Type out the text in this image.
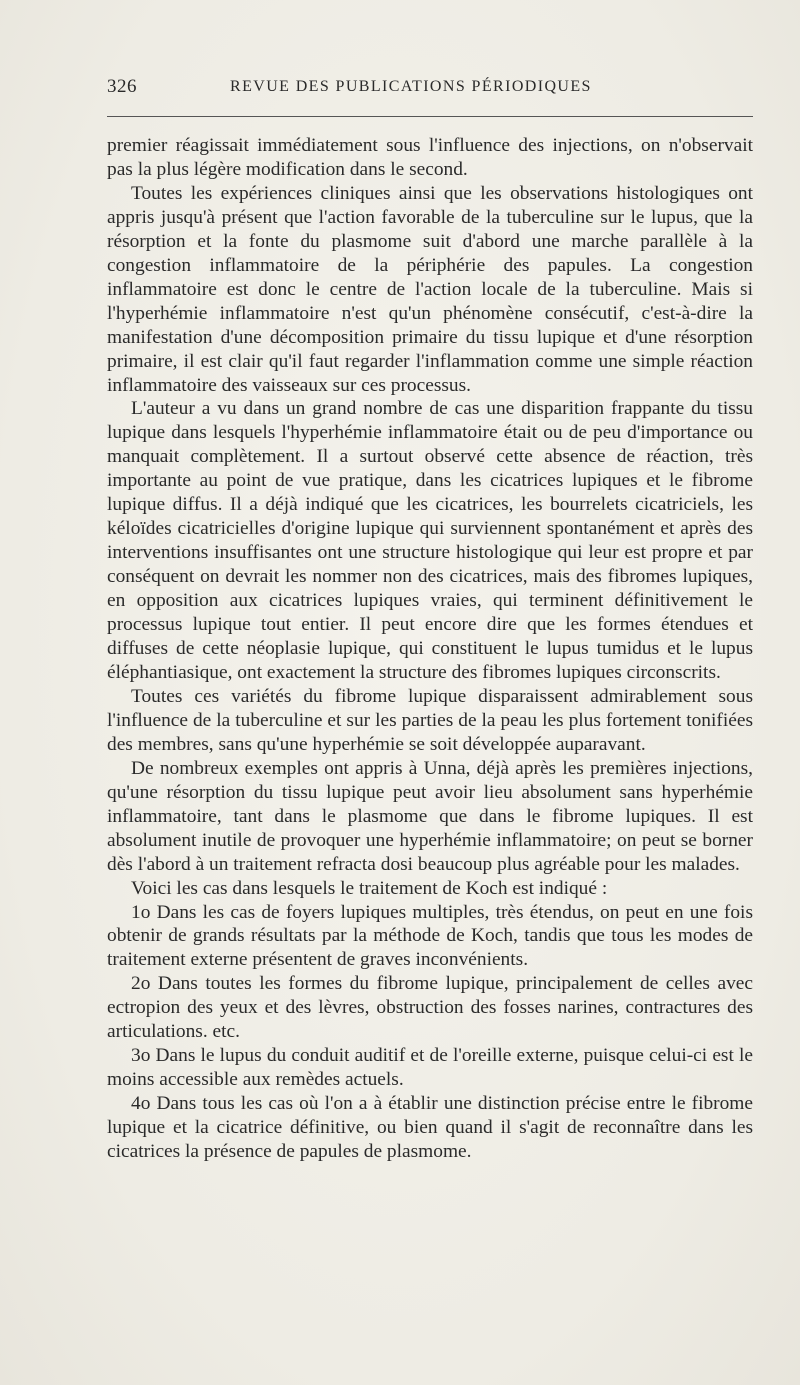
326	REVUE DES PUBLICATIONS PÉRIODIQUES

premier réagissait immédiatement sous l'influence des injections, on n'observait pas la plus légère modification dans le second.

Toutes les expériences cliniques ainsi que les observations histologiques ont appris jusqu'à présent que l'action favorable de la tuberculine sur le lupus, que la résorption et la fonte du plasmome suit d'abord une marche parallèle à la congestion inflammatoire de la périphérie des papules. La congestion inflammatoire est donc le centre de l'action locale de la tuberculine. Mais si l'hyperhémie inflammatoire n'est qu'un phénomène consécutif, c'est-à-dire la manifestation d'une décomposition primaire du tissu lupique et d'une résorption primaire, il est clair qu'il faut regarder l'inflammation comme une simple réaction inflammatoire des vaisseaux sur ces processus.

L'auteur a vu dans un grand nombre de cas une disparition frappante du tissu lupique dans lesquels l'hyperhémie inflammatoire était ou de peu d'importance ou manquait complètement. Il a surtout observé cette absence de réaction, très importante au point de vue pratique, dans les cicatrices lupiques et le fibrome lupique diffus. Il a déjà indiqué que les cicatrices, les bourrelets cicatriciels, les kéloïdes cicatricielles d'origine lupique qui surviennent spontanément et après des interventions insuffisantes ont une structure histologique qui leur est propre et par conséquent on devrait les nommer non des cicatrices, mais des fibromes lupiques, en opposition aux cicatrices lupiques vraies, qui terminent définitivement le processus lupique tout entier. Il peut encore dire que les formes étendues et diffuses de cette néoplasie lupique, qui constituent le lupus tumidus et le lupus éléphantiasique, ont exactement la structure des fibromes lupiques circonscrits.

Toutes ces variétés du fibrome lupique disparaissent admirablement sous l'influence de la tuberculine et sur les parties de la peau les plus fortement tonifiées des membres, sans qu'une hyperhémie se soit développée auparavant.

De nombreux exemples ont appris à Unna, déjà après les premières injections, qu'une résorption du tissu lupique peut avoir lieu absolument sans hyperhémie inflammatoire, tant dans le plasmome que dans le fibrome lupiques. Il est absolument inutile de provoquer une hyperhémie inflammatoire; on peut se borner dès l'abord à un traitement refracta dosi beaucoup plus agréable pour les malades.

Voici les cas dans lesquels le traitement de Koch est indiqué :

1o Dans les cas de foyers lupiques multiples, très étendus, on peut en une fois obtenir de grands résultats par la méthode de Koch, tandis que tous les modes de traitement externe présentent de graves inconvénients.

2o Dans toutes les formes du fibrome lupique, principalement de celles avec ectropion des yeux et des lèvres, obstruction des fosses narines, contractures des articulations. etc.

3o Dans le lupus du conduit auditif et de l'oreille externe, puisque celui-ci est le moins accessible aux remèdes actuels.

4o Dans tous les cas où l'on a à établir une distinction précise entre le fibrome lupique et la cicatrice définitive, ou bien quand il s'agit de reconnaître dans les cicatrices la présence de papules de plasmome.
